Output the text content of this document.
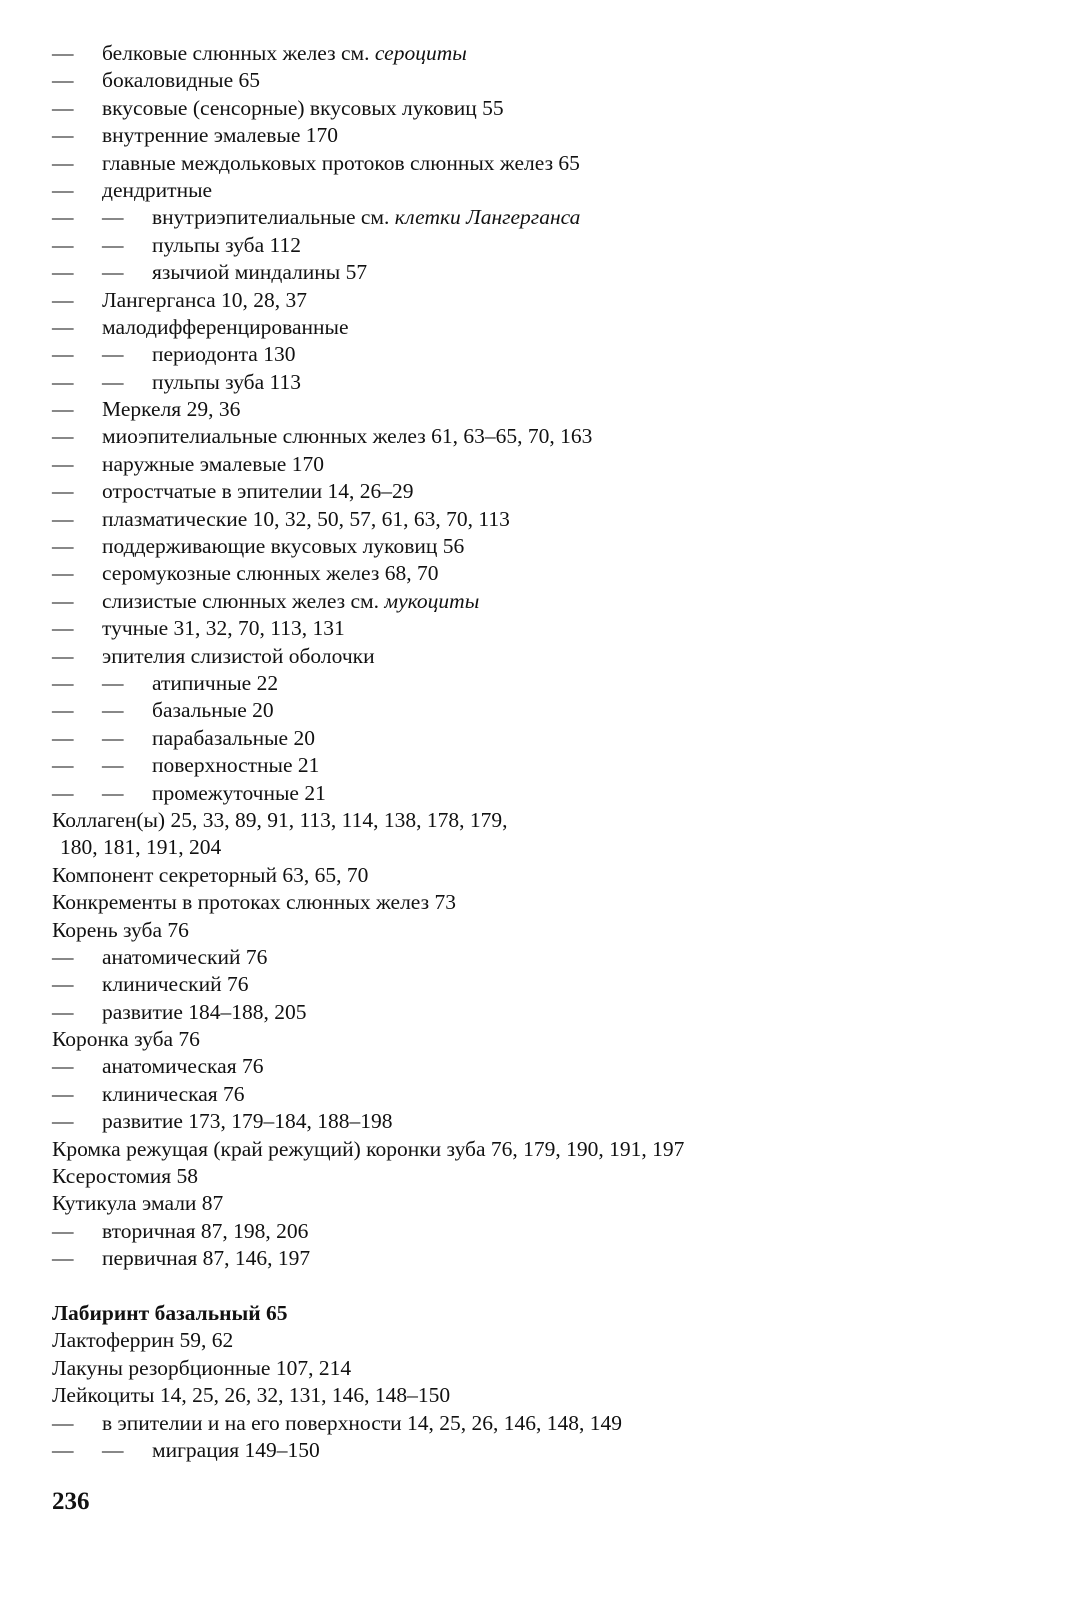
—	белковые слюнных желез см. сероциты
—	бокаловидные 65
—	вкусовые (сенсорные) вкусовых луковиц 55
—	внутренние эмалевые 170
—	главные междольковых протоков слюнных желез 65
—	дендритные
—	—	внутриэпителиальные см. клетки Лангерганса
—	—	пульпы зуба 112
—	—	язычиой миндалины 57
—	Лангерганса 10, 28, 37
—	малодифференцированные
—	—	периодонта 130
—	—	пульпы зуба 113
—	Меркеля 29, 36
—	миоэпителиальные слюнных желез 61, 63–65, 70, 163
—	наружные эмалевые 170
—	отростчатые в эпителии 14, 26–29
—	плазматические 10, 32, 50, 57, 61, 63, 70, 113
—	поддерживающие вкусовых луковиц 56
—	серомукозные слюнных желез 68, 70
—	слизистые слюнных желез см. мукоциты
—	тучные 31, 32, 70, 113, 131
—	эпителия слизистой оболочки
—	—	атипичные 22
—	—	базальные 20
—	—	парабазальные 20
—	—	поверхностные 21
—	—	промежуточные 21
Коллаген(ы) 25, 33, 89, 91, 113, 114, 138, 178, 179,
180, 181, 191, 204
Компонент секреторный 63, 65, 70
Конкременты в протоках слюнных желез 73
Корень зуба 76
—	анатомический 76
—	клинический 76
—	развитие 184–188, 205
Коронка зуба 76
—	анатомическая 76
—	клиническая 76
—	развитие 173, 179–184, 188–198
Кромка режущая (край режущий) коронки зуба 76, 179, 190, 191, 197
Ксеростомия 58
Кутикула эмали 87
—	вторичная 87, 198, 206
—	первичная 87, 146, 197
Лабиринт базальный 65
Лактоферрин 59, 62
Лакуны резорбционные 107, 214
Лейкоциты 14, 25, 26, 32, 131, 146, 148–150
—	в эпителии и на его поверхности 14, 25, 26, 146, 148, 149
—	—	миграция 149–150
236
